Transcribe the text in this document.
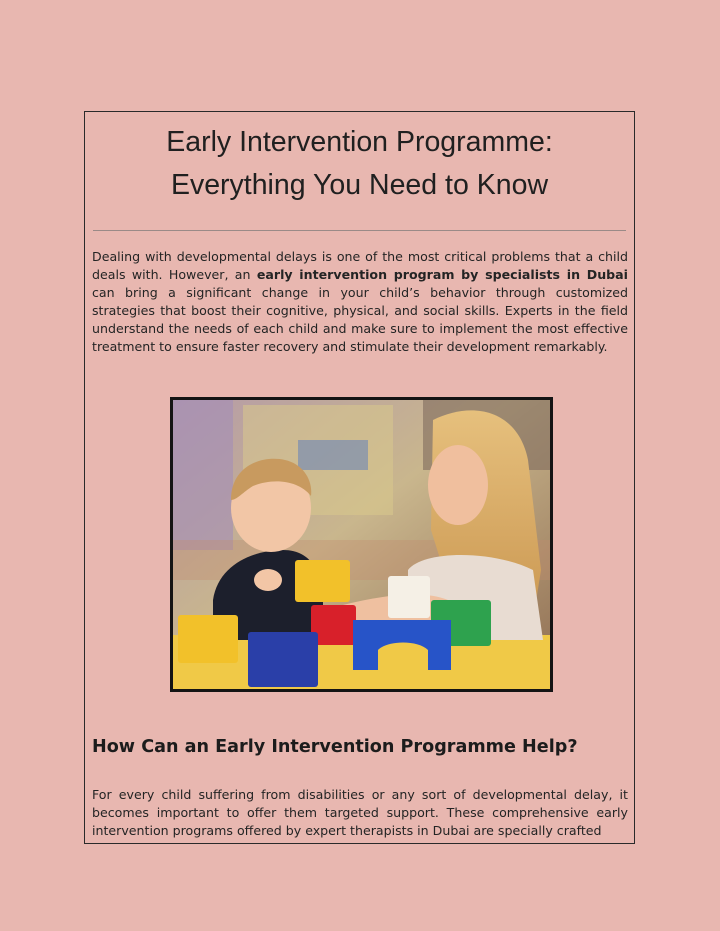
Early Intervention Programme:
Everything You Need to Know

Dealing with developmental delays is one of the most critical problems that a child deals with. However, an early intervention program by specialists in Dubai can bring a significant change in your child’s behavior through customized strategies that boost their cognitive, physical, and social skills. Experts in the field understand the needs of each child and make sure to implement the most effective treatment to ensure faster recovery and stimulate their development remarkably.

How Can an Early Intervention Programme Help?

For every child suffering from disabilities or any sort of developmental delay, it becomes important to offer them targeted support. These comprehensive early intervention programs offered by expert therapists in Dubai are specially crafted
